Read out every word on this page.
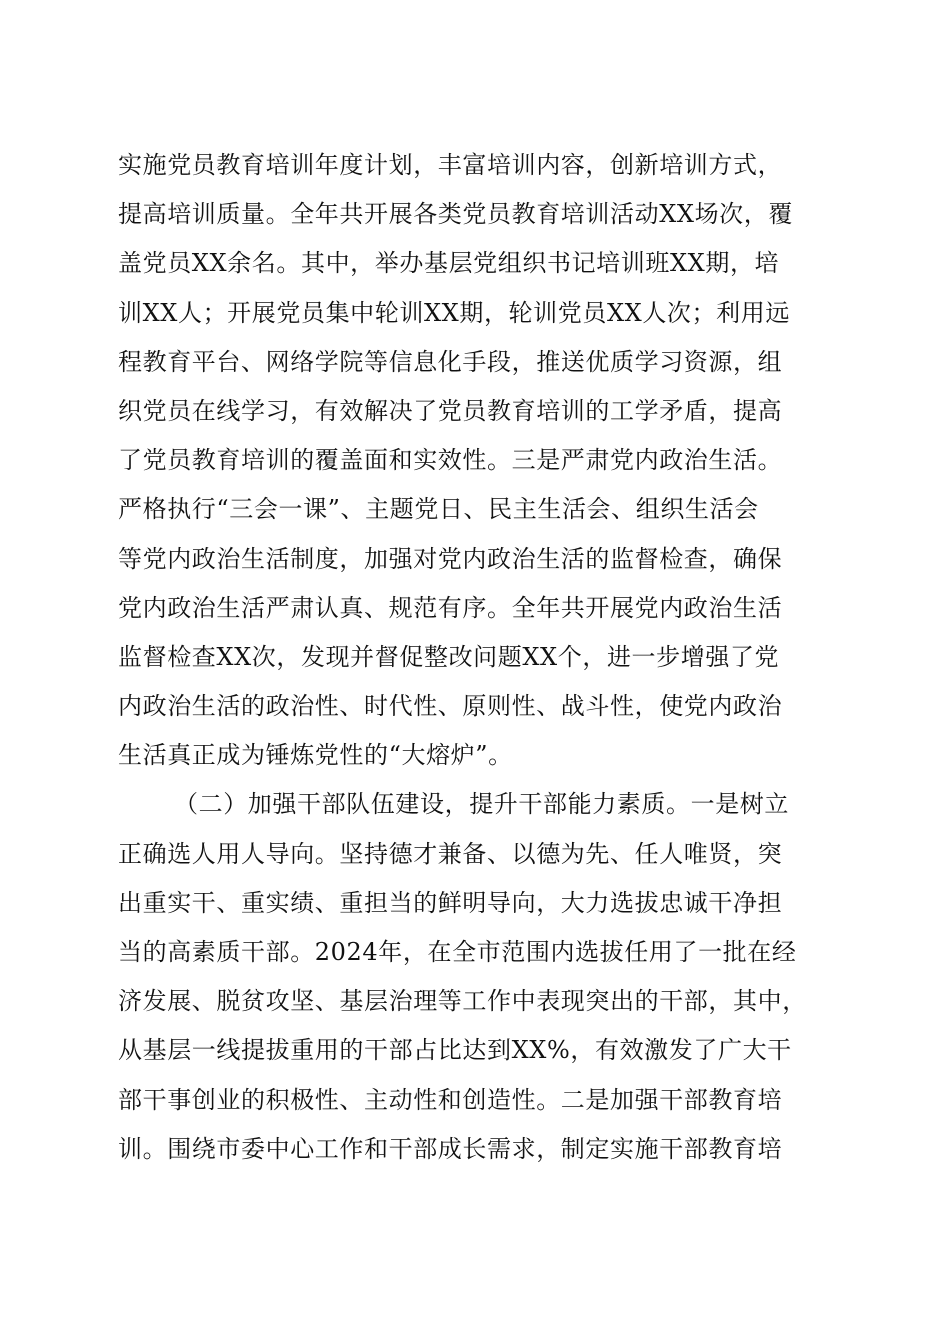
实施党员教育培训年度计划，丰富培训内容，创新培训方式，
提高培训质量。全年共开展各类党员教育培训活动XX场次，覆
盖党员XX余名。其中，举办基层党组织书记培训班XX期，培
训XX人；开展党员集中轮训XX期，轮训党员XX人次；利用远
程教育平台、网络学院等信息化手段，推送优质学习资源，组
织党员在线学习，有效解决了党员教育培训的工学矛盾，提高
了党员教育培训的覆盖面和实效性。三是严肃党内政治生活。
严格执行“三会一课”、主题党日、民主生活会、组织生活会
等党内政治生活制度，加强对党内政治生活的监督检查，确保
党内政治生活严肃认真、规范有序。全年共开展党内政治生活
监督检查XX次，发现并督促整改问题XX个，进一步增强了党
内政治生活的政治性、时代性、原则性、战斗性，使党内政治
生活真正成为锤炼党性的“大熔炉”。
（二）加强干部队伍建设，提升干部能力素质。一是树立
正确选人用人导向。坚持德才兼备、以德为先、任人唯贤，突
出重实干、重实绩、重担当的鲜明导向，大力选拔忠诚干净担
当的高素质干部。2024年，在全市范围内选拔任用了一批在经
济发展、脱贫攻坚、基层治理等工作中表现突出的干部，其中，
从基层一线提拔重用的干部占比达到XX%，有效激发了广大干
部干事创业的积极性、主动性和创造性。二是加强干部教育培
训。围绕市委中心工作和干部成长需求，制定实施干部教育培
